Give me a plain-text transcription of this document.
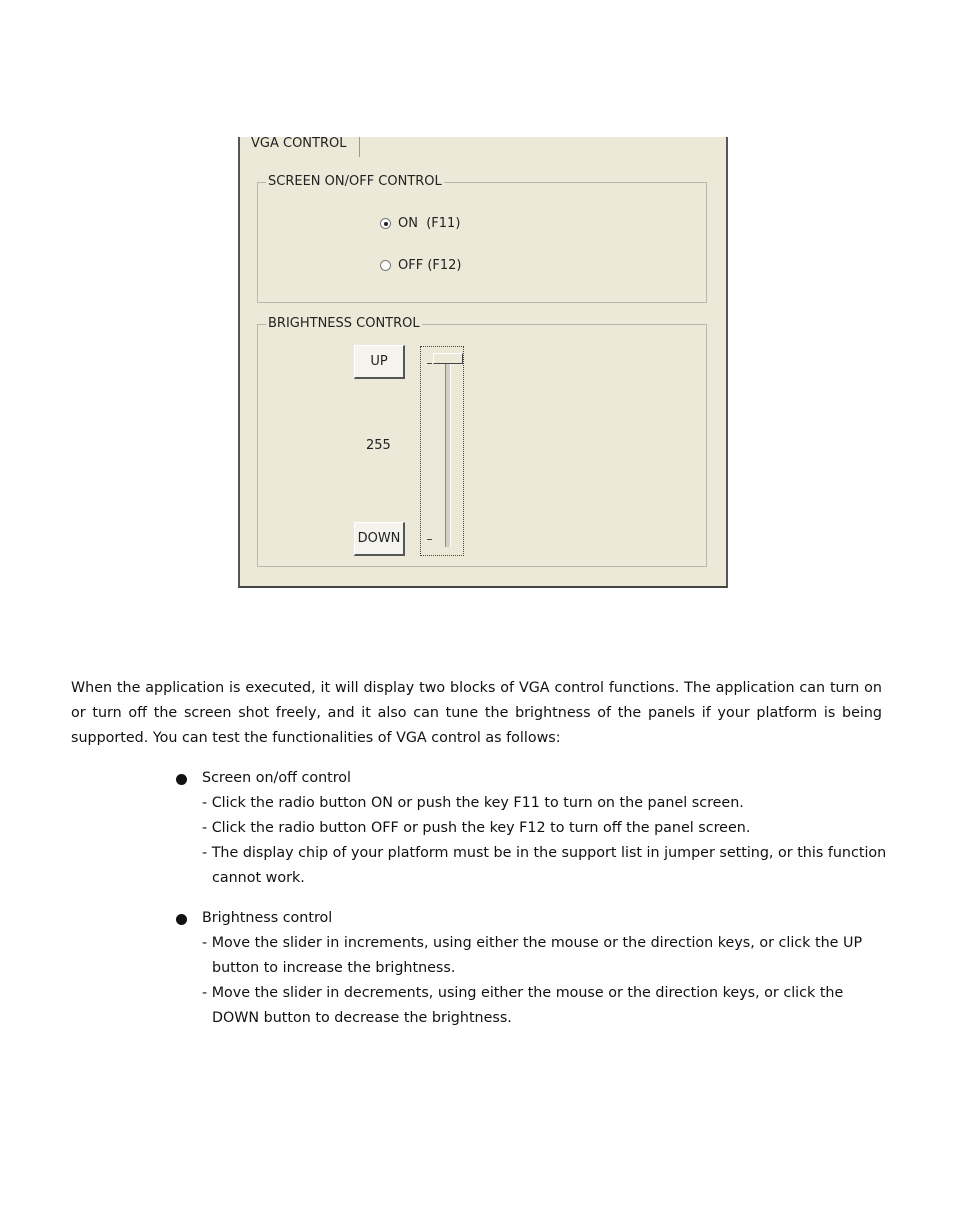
VGA CONTROL
SCREEN ON/OFF CONTROL
ON  (F11)
OFF (F12)
BRIGHTNESS CONTROL
UP
255
DOWN
When the application is executed, it will display two blocks of VGA control functions. The application can turn on or turn off the screen shot freely, and it also can tune the brightness of the panels if your platform is being supported. You can test the functionalities of VGA control as follows:
Screen on/off control
- Click the radio button ON or push the key F11 to turn on the panel screen.
- Click the radio button OFF or push the key F12 to turn off the panel screen.
- The display chip of your platform must be in the support list in jumper setting, or this function cannot work.
Brightness control
- Move the slider in increments, using either the mouse or the direction keys, or click the UP button to increase the brightness.
- Move the slider in decrements, using either the mouse or the direction keys, or click the DOWN button to decrease the brightness.
